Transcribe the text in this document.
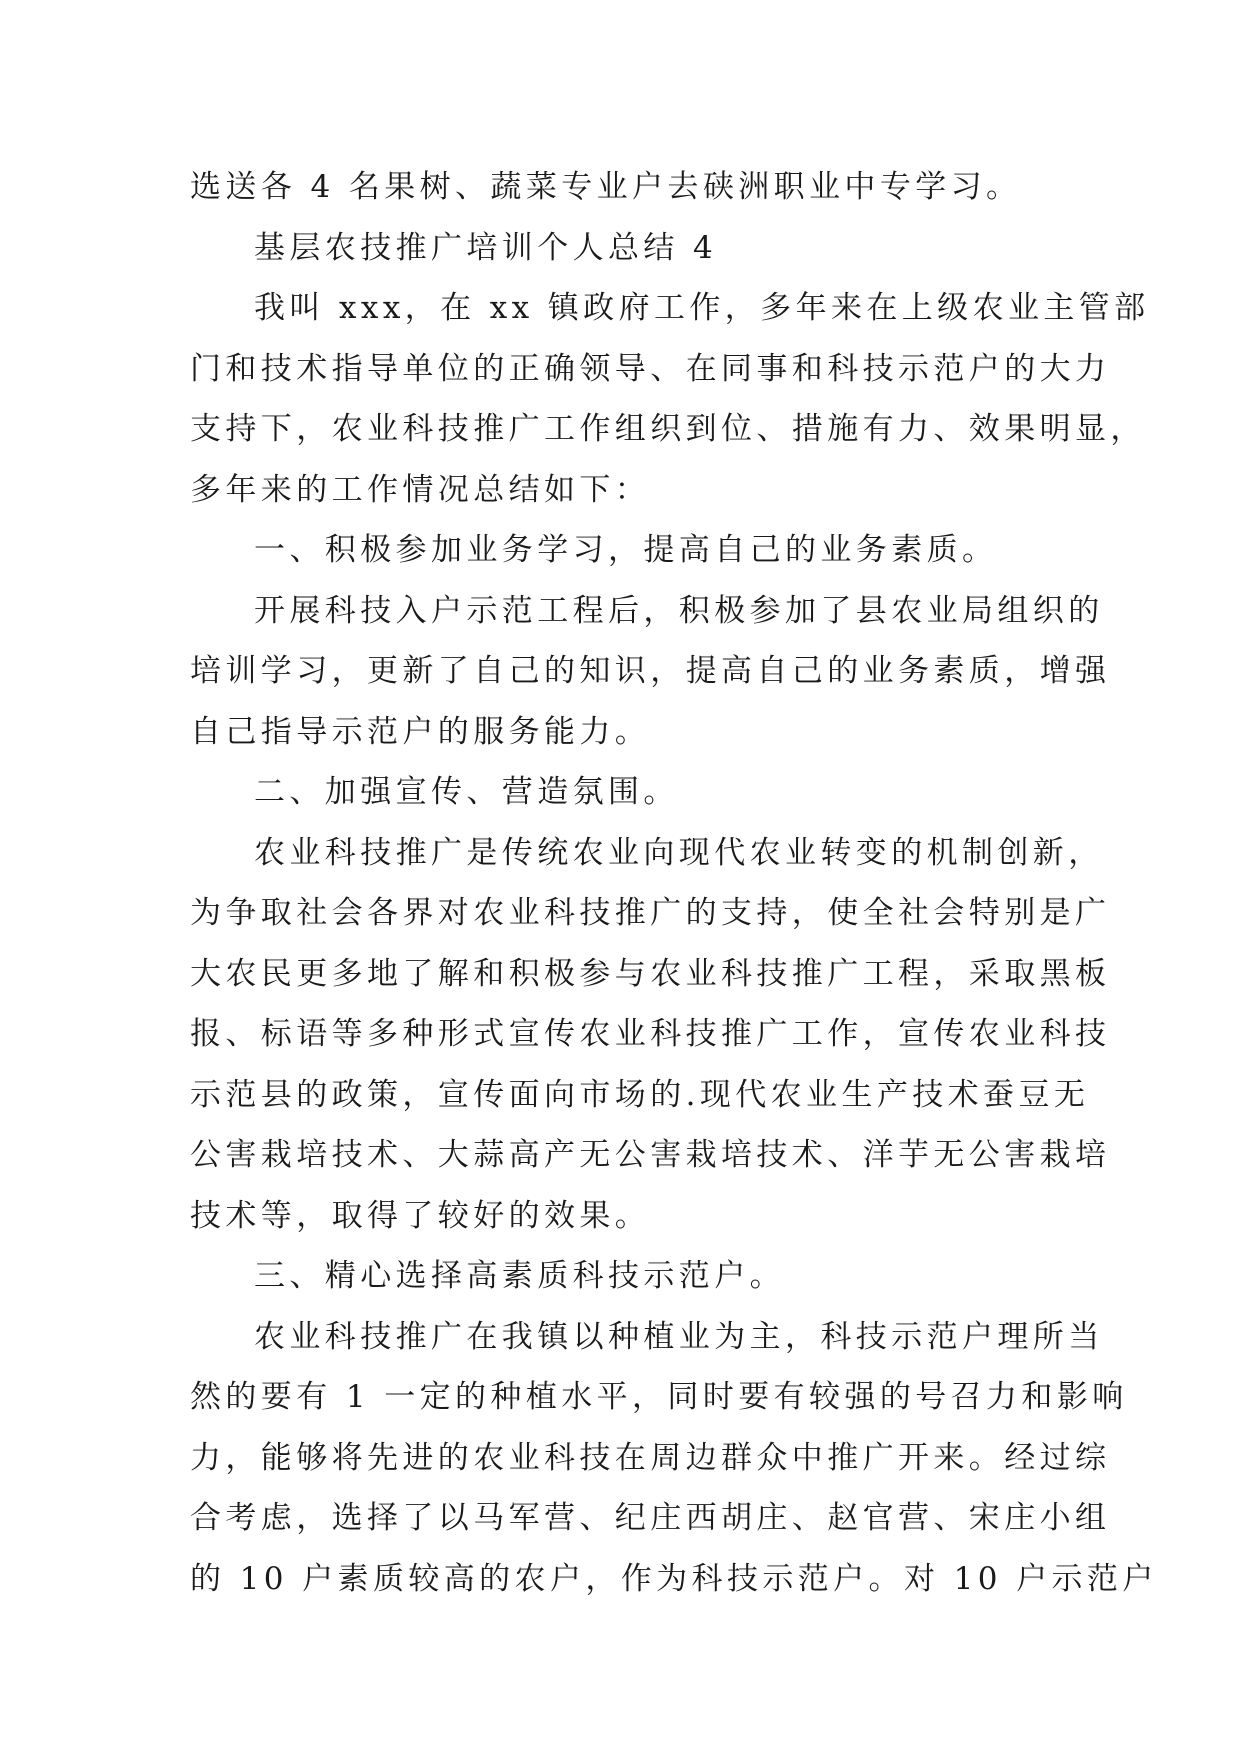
选送各 4 名果树、蔬菜专业户去硖洲职业中专学习。
基层农技推广培训个人总结 4
我叫 xxx，在 xx 镇政府工作，多年来在上级农业主管部
门和技术指导单位的正确领导、在同事和科技示范户的大力
支持下，农业科技推广工作组织到位、措施有力、效果明显，
多年来的工作情况总结如下：
一、积极参加业务学习，提高自己的业务素质。
开展科技入户示范工程后，积极参加了县农业局组织的
培训学习，更新了自己的知识，提高自己的业务素质，增强
自己指导示范户的服务能力。
二、加强宣传、营造氛围。
农业科技推广是传统农业向现代农业转变的机制创新，
为争取社会各界对农业科技推广的支持，使全社会特别是广
大农民更多地了解和积极参与农业科技推广工程，采取黑板
报、标语等多种形式宣传农业科技推广工作，宣传农业科技
示范县的政策，宣传面向市场的.现代农业生产技术蚕豆无
公害栽培技术、大蒜高产无公害栽培技术、洋芋无公害栽培
技术等，取得了较好的效果。
三、精心选择高素质科技示范户。
农业科技推广在我镇以种植业为主，科技示范户理所当
然的要有 1 一定的种植水平，同时要有较强的号召力和影响
力，能够将先进的农业科技在周边群众中推广开来。经过综
合考虑，选择了以马军营、纪庄西胡庄、赵官营、宋庄小组
的 10 户素质较高的农户，作为科技示范户。对 10 户示范户
